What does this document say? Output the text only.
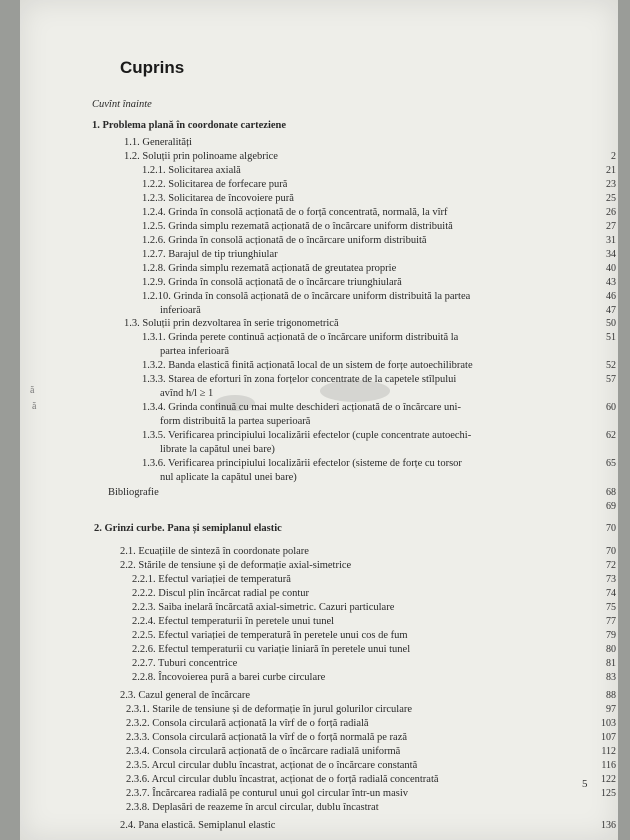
ă
ă
Cuprins
Cuvînt înainte
1. Problema plană în coordonate carteziene
1.1. Generalități
1.2. Soluții prin polinoame algebrice	2
1.2.1. Solicitarea axială	21
1.2.2. Solicitarea de forfecare pură	23
1.2.3. Solicitarea de încovoiere pură	25
1.2.4. Grinda în consolă acționată de o forță concentrată, normală, la vîrf	26
1.2.5. Grinda simplu rezemată acționată de o încărcare uniform distribuită	27
1.2.6. Grinda în consolă acționată de o încărcare uniform distribuită	31
1.2.7. Barajul de tip triunghiular	34
1.2.8. Grinda simplu rezemată acționată de greutatea proprie	40
1.2.9. Grinda în consolă acționată de o încărcare triunghiulară	43
1.2.10. Grinda în consolă acționată de o încărcare uniform distribuită la partea	46
inferioară	47
1.3. Soluții prin dezvoltarea în serie trigonometrică	50
1.3.1. Grinda perete continuă acționată de o încărcare uniform distribuită la	51
partea inferioară
1.3.2. Banda elastică finită acționată local de un sistem de forțe autoechilibrate	52
1.3.3. Starea de eforturi în zona forțelor concentrate de la capetele stîlpului	57
avînd h/l ≥ 1
1.3.4. Grinda continuă cu mai multe deschideri acționată de o încărcare uni-	60
form distribuită la partea superioară
1.3.5. Verificarea principiului localizării efectelor (cuple concentrate autoechi-	62
librate la capătul unei bare)
1.3.6. Verificarea principiului localizării efectelor (sisteme de forțe cu torsor	65
nul aplicate la capătul unei bare)
Bibliografie	68
69
2. Grinzi curbe. Pana și semiplanul elastic	70
2.1. Ecuațiile de sinteză în coordonate polare	70
2.2. Stările de tensiune și de deformație axial-simetrice	72
2.2.1. Efectul variației de temperatură	73
2.2.2. Discul plin încărcat radial pe contur	74
2.2.3. Saiba inelară încărcată axial-simetric. Cazuri particulare	75
2.2.4. Efectul temperaturii în peretele unui tunel	77
2.2.5. Efectul variației de temperatură în peretele unui cos de fum	79
2.2.6. Efectul temperaturii cu variație liniară în peretele unui tunel	80
2.2.7. Tuburi concentrice	81
2.2.8. Încovoierea pură a barei curbe circulare	83
2.3. Cazul general de încărcare	88
2.3.1. Starile de tensiune și de deformație în jurul golurilor circulare	97
2.3.2. Consola circulară acționată la vîrf de o forță radială	103
2.3.3. Consola circulară acționată la vîrf de o forță normală pe rază	107
2.3.4. Consola circulară acționată de o încărcare radială uniformă	112
2.3.5. Arcul circular dublu încastrat, acționat de o încărcare constantă	116
2.3.6. Arcul circular dublu încastrat, acționat de o forță radială concentrată	122
2.3.7. Încărcarea radială pe conturul unui gol circular într-un masiv	125
2.3.8. Deplasări de reazeme în arcul circular, dublu încastrat
2.4. Pana elastică. Semiplanul elastic	136
5
